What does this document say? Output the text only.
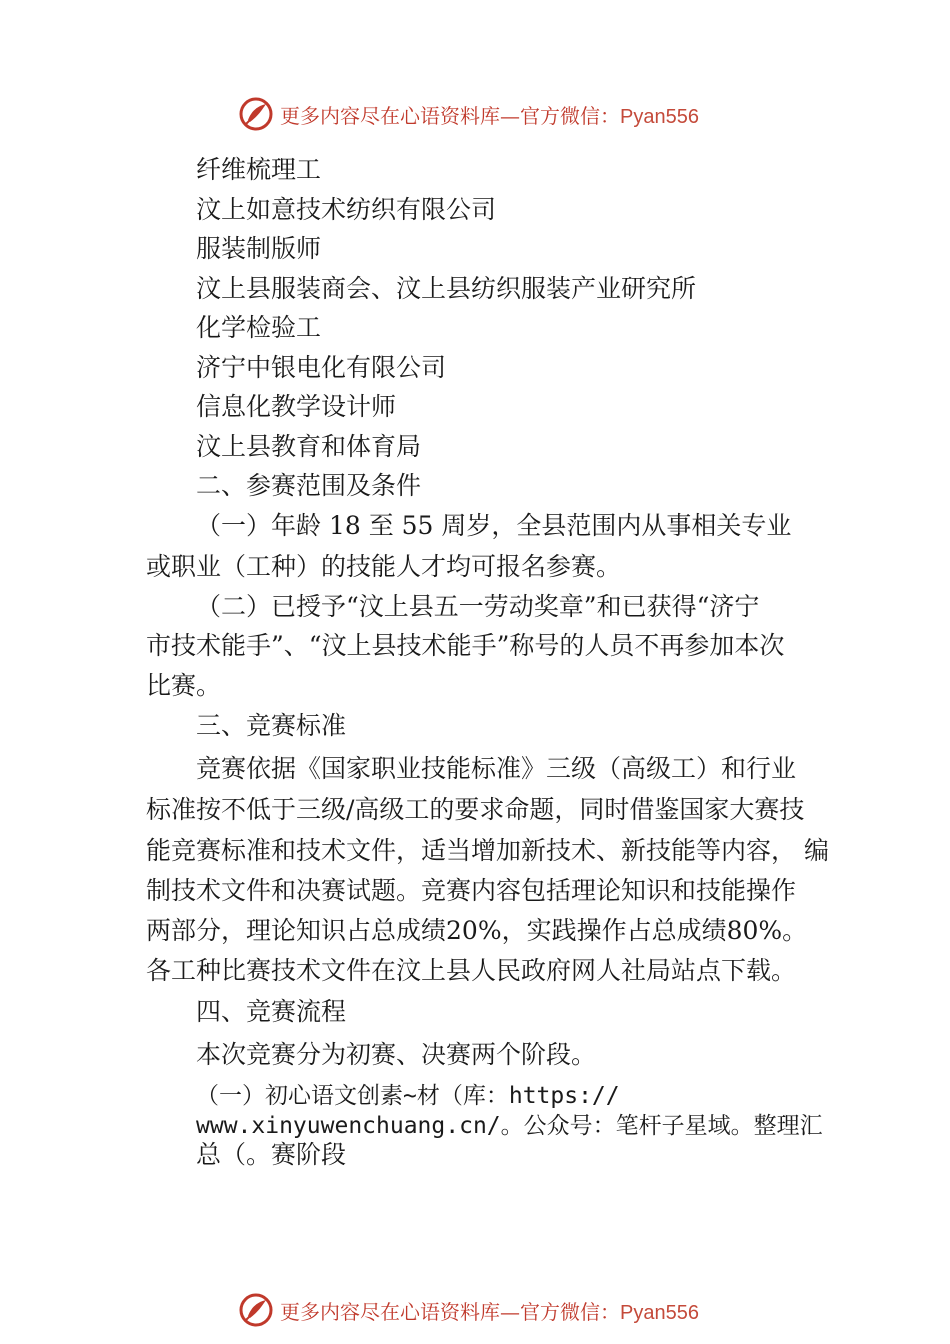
更多内容尽在心语资料库—官方微信：Pyan556
纤维梳理工
汶上如意技术纺织有限公司
服装制版师
汶上县服装商会、汶上县纺织服装产业研究所
化学检验工
济宁中银电化有限公司
信息化教学设计师
汶上县教育和体育局
二、参赛范围及条件
（一）年龄 18 至 55 周岁，全县范围内从事相关专业
或职业（工种）的技能人才均可报名参赛。
（二）已授予“汶上县五一劳动奖章”和已获得“济宁
市技术能手”、“汶上县技术能手”称号的人员不再参加本次
比赛。
三、竞赛标准
竞赛依据《国家职业技能标准》三级（高级工）和行业
标准按不低于三级/高级工的要求命题，同时借鉴国家大赛技
能竞赛标准和技术文件，适当增加新技术、新技能等内容， 编
制技术文件和决赛试题。竞赛内容包括理论知识和技能操作
两部分，理论知识占总成绩20%，实践操作占总成绩80%。
各工种比赛技术文件在汶上县人民政府网人社局站点下载。
四、竞赛流程
本次竞赛分为初赛、决赛两个阶段。
（一）初心语文创素~材（库：https://
www.xinyuwenchuang.cn/。公众号：笔杆子星域。整理汇
总（。赛阶段
更多内容尽在心语资料库—官方微信：Pyan556
